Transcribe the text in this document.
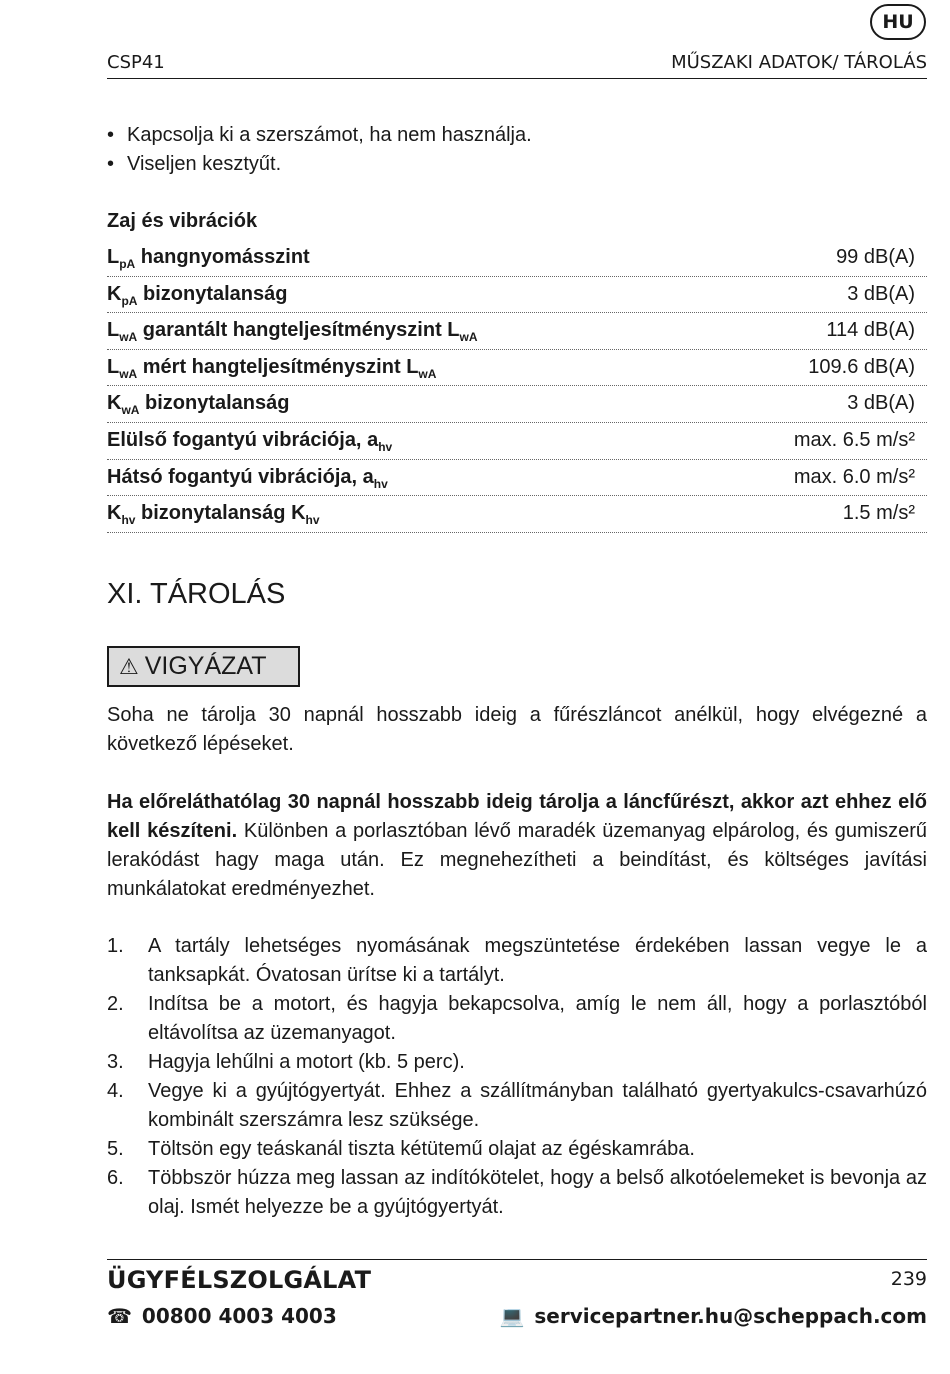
HU
CSP41	MŰSZAKI ADATOK/ TÁROLÁS
• Kapcsolja ki a szerszámot, ha nem használja.
• Viseljen kesztyűt.
Zaj és vibrációk
$L_{pA}$ hangnyomásszint	99 dB(A)
$K_{pA}$ bizonytalanság	3 dB(A)
$L_{wA}$ garantált hangteljesítményszint $L_{wA}$	114 dB(A)
$L_{wA}$ mért hangteljesítményszint $L_{wA}$	109.6 dB(A)
$K_{wA}$ bizonytalanság	3 dB(A)
Elülső fogantyú vibrációja, $a_{hv}$	max. 6.5 m/s²
Hátsó fogantyú vibrációja, $a_{hv}$	max. 6.0 m/s²
$K_{hv}$ bizonytalanság $K_{hv}$	1.5 m/s²
XI. TÁROLÁS
⚠ VIGYÁZAT
Soha ne tárolja 30 napnál hosszabb ideig a fűrészláncot anélkül, hogy elvégezné a következő lépéseket.
Ha előreláthatólag 30 napnál hosszabb ideig tárolja a láncfűrészt, akkor azt ehhez elő kell készíteni. Különben a porlasztóban lévő maradék üzemanyag elpárolog, és gumiszerű lerakódást hagy maga után. Ez megnehezítheti a beindítást, és költséges javítási munkálatokat eredményezhet.
1.	A tartály lehetséges nyomásának megszüntetése érdekében lassan vegye le a tanksapkát. Óvatosan ürítse ki a tartályt.
2.	Indítsa be a motort, és hagyja bekapcsolva, amíg le nem áll, hogy a porlasztóból eltávolítsa az üzemanyagot.
3.	Hagyja lehűlni a motort (kb. 5 perc).
4.	Vegye ki a gyújtógyertyát. Ehhez a szállítmányban található gyertyakulcs-csavarhúzó kombinált szerszámra lesz szüksége.
5.	Töltsön egy teáskanál tiszta kétütemű olajat az égéskamrába.
6.	Többször húzza meg lassan az indítókötelet, hogy a belső alkotóelemeket is bevonja az olaj. Ismét helyezze be a gyújtógyertyát.
ÜGYFÉLSZOLGÁLAT	239
☎ 00800 4003 4003	💻 servicepartner.hu@scheppach.com
